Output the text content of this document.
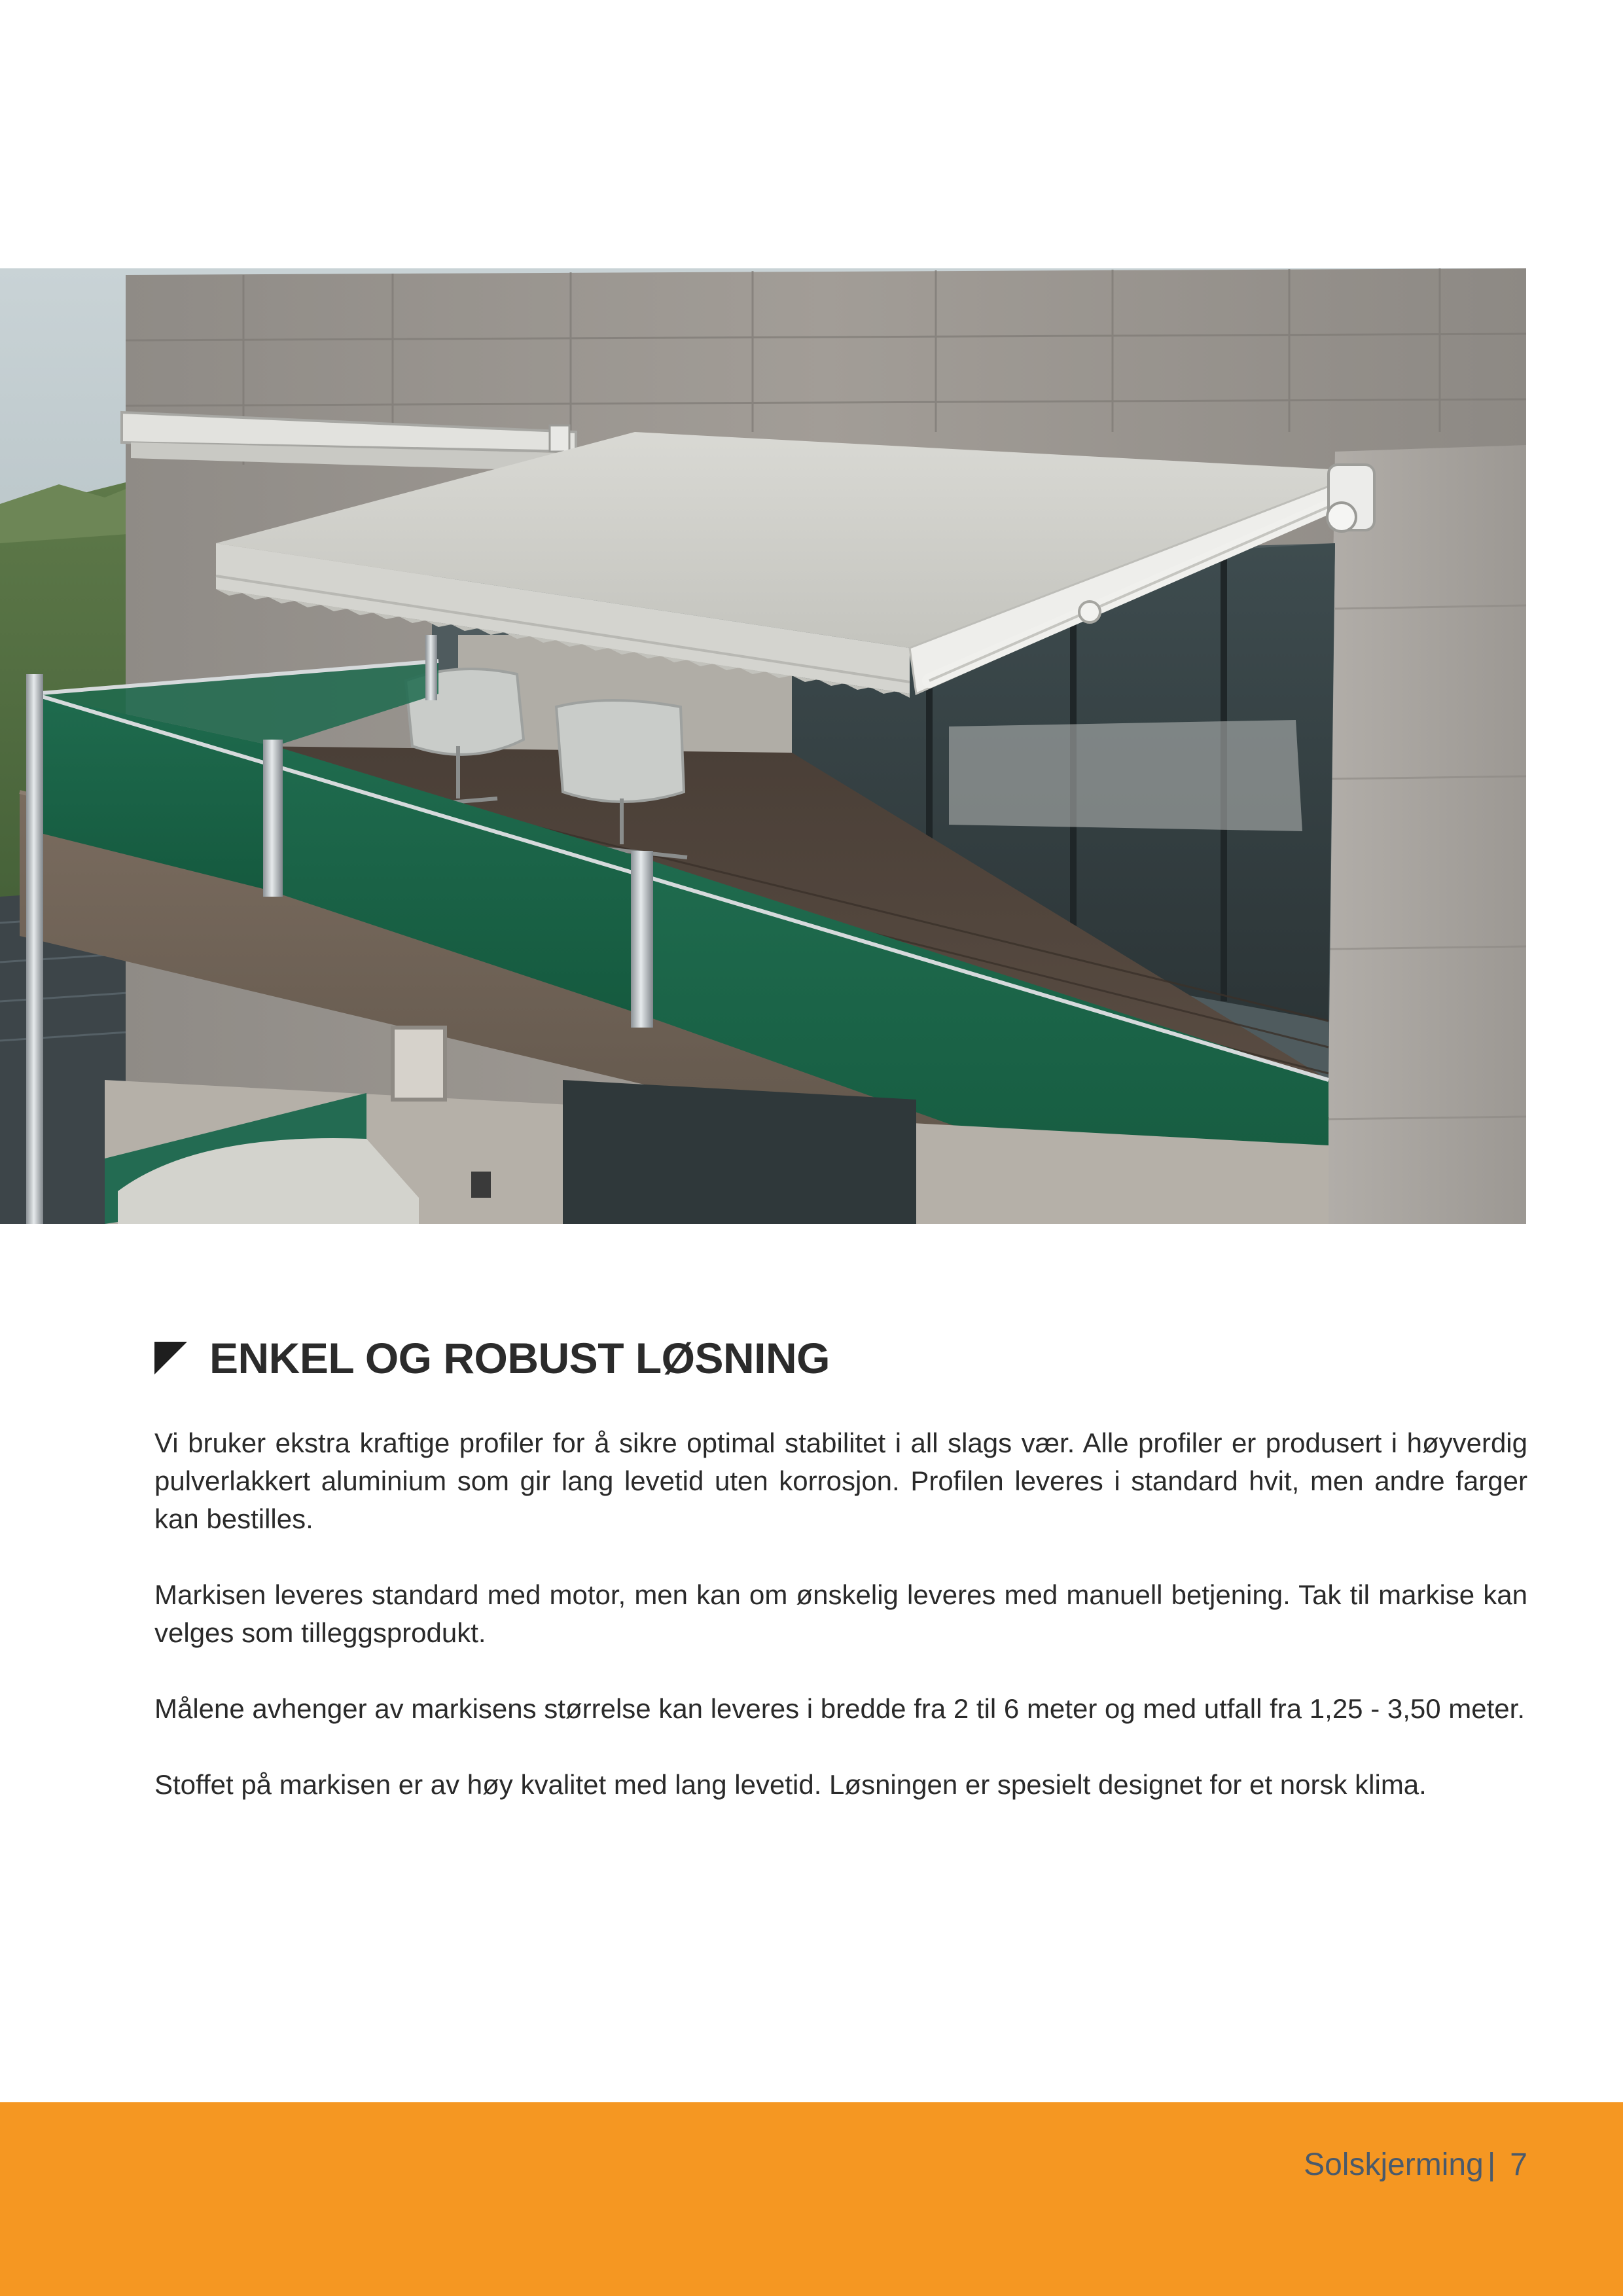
ENKEL OG ROBUST LØSNING

Vi bruker ekstra kraftige profiler for å sikre optimal stabilitet i all slags vær. Alle profiler er produsert i høyverdig pulverlakkert aluminium som gir lang levetid uten korrosjon. Profilen leveres i standard hvit, men andre farger kan bestilles.

Markisen leveres standard med motor, men kan om ønskelig leveres med manuell betjening. Tak til markise kan velges som tilleggsprodukt.

Målene avhenger av markisens størrelse kan leveres i bredde fra 2 til 6 meter og med utfall fra 1,25 - 3,50 meter.

Stoffet på markisen er av høy kvalitet med lang levetid. Løsningen er spesielt designet for et norsk klima.

Solskjerming | 7
